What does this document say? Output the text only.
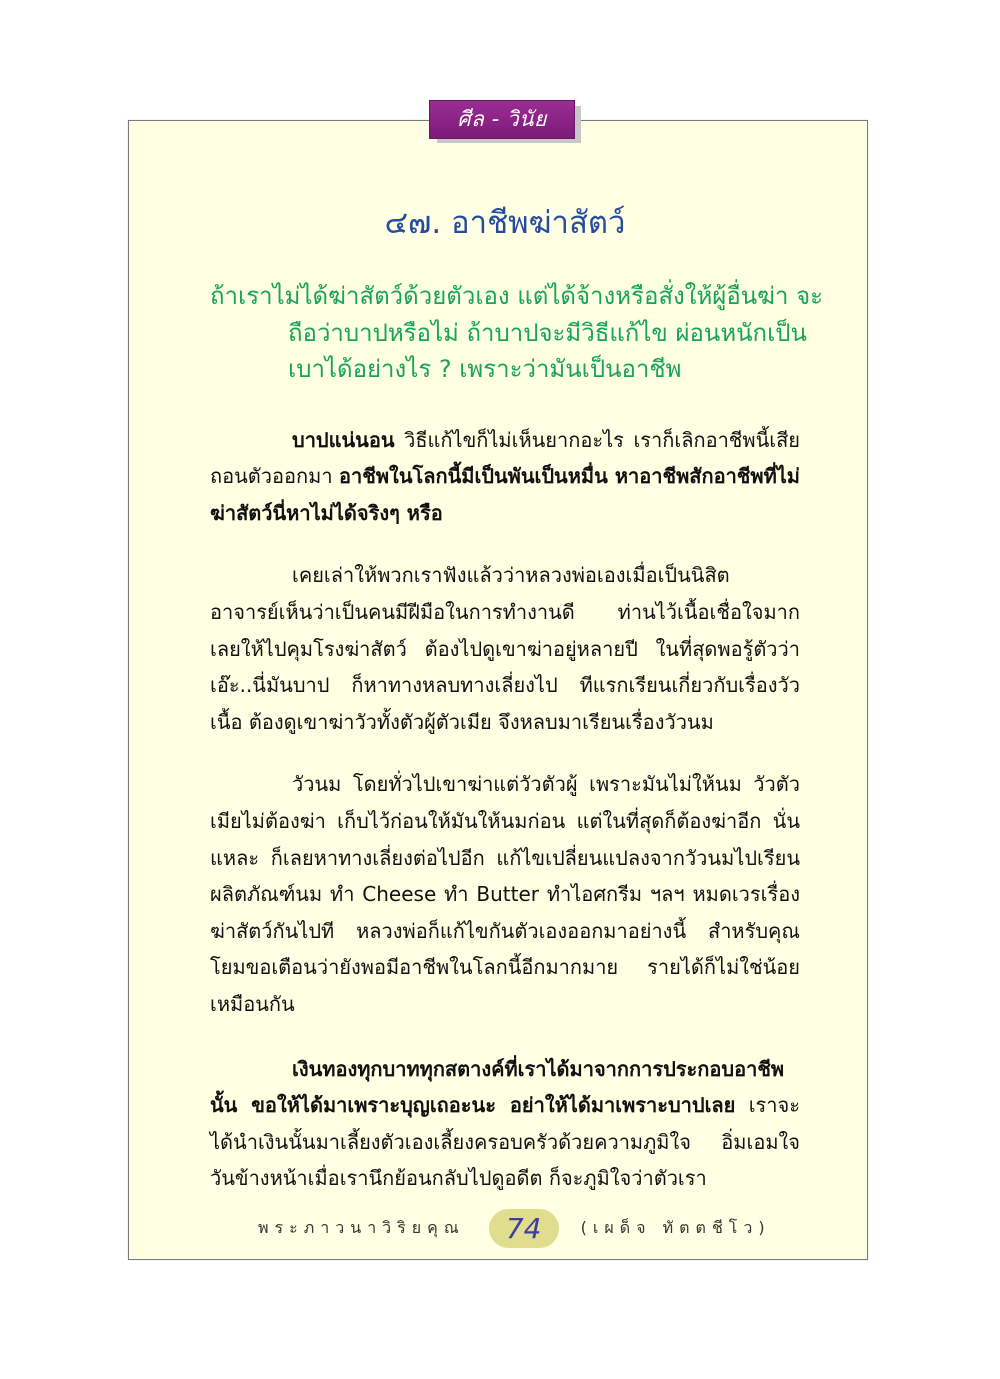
ศีล - วินัย
๔๗. อาชีพฆ่าสัตว์
ถ้าเราไม่ได้ฆ่าสัตว์ด้วยตัวเอง แต่ได้จ้างหรือสั่งให้ผู้อื่นฆ่า จะ
ถือว่าบาปหรือไม่ ถ้าบาปจะมีวิธีแก้ไข ผ่อนหนักเป็น
เบาได้อย่างไร ? เพราะว่ามันเป็นอาชีพ

บาปแน่นอน วิธีแก้ไขก็ไม่เห็นยากอะไร เราก็เลิกอาชีพนี้เสีย ถอนตัวออกมา อาชีพในโลกนี้มีเป็นพันเป็นหมื่น หาอาชีพสักอาชีพที่ไม่ฆ่าสัตว์นี่หาไม่ได้จริงๆ หรือ

เคยเล่าให้พวกเราฟังแล้วว่าหลวงพ่อเองเมื่อเป็นนิสิต อาจารย์เห็นว่าเป็นคนมีฝีมือในการทำงานดี ท่านไว้เนื้อเชื่อใจมาก เลยให้ไปคุมโรงฆ่าสัตว์ ต้องไปดูเขาฆ่าอยู่หลายปี ในที่สุดพอรู้ตัวว่าเอ๊ะ..นี่มันบาป ก็หาทางหลบทางเลี่ยงไป ทีแรกเรียนเกี่ยวกับเรื่องวัวเนื้อ ต้องดูเขาฆ่าวัวทั้งตัวผู้ตัวเมีย จึงหลบมาเรียนเรื่องวัวนม

วัวนม โดยทั่วไปเขาฆ่าแต่วัวตัวผู้ เพราะมันไม่ให้นม วัวตัวเมียไม่ต้องฆ่า เก็บไว้ก่อนให้มันให้นมก่อน แต่ในที่สุดก็ต้องฆ่าอีก นั่นแหละ ก็เลยหาทางเลี่ยงต่อไปอีก แก้ไขเปลี่ยนแปลงจากวัวนมไปเรียนผลิตภัณฑ์นม ทำ Cheese ทำ Butter ทำไอศกรีม ฯลฯ หมดเวรเรื่องฆ่าสัตว์กันไปที หลวงพ่อก็แก้ไขกันตัวเองออกมาอย่างนี้ สำหรับคุณโยมขอเตือนว่ายังพอมีอาชีพในโลกนี้อีกมากมาย รายได้ก็ไม่ใช่น้อยเหมือนกัน

เงินทองทุกบาททุกสตางค์ที่เราได้มาจากการประกอบอาชีพนั้น ขอให้ได้มาเพราะบุญเถอะนะ อย่าให้ได้มาเพราะบาปเลย เราจะได้นำเงินนั้นมาเลี้ยงตัวเองเลี้ยงครอบครัวด้วยความภูมิใจ อิ่มเอมใจ วันข้างหน้าเมื่อเรานึกย้อนกลับไปดูอดีต ก็จะภูมิใจว่าตัวเรา

พระภาวนาวิริยคุณ 74 (เผด็จ ทัตตชีโว)
